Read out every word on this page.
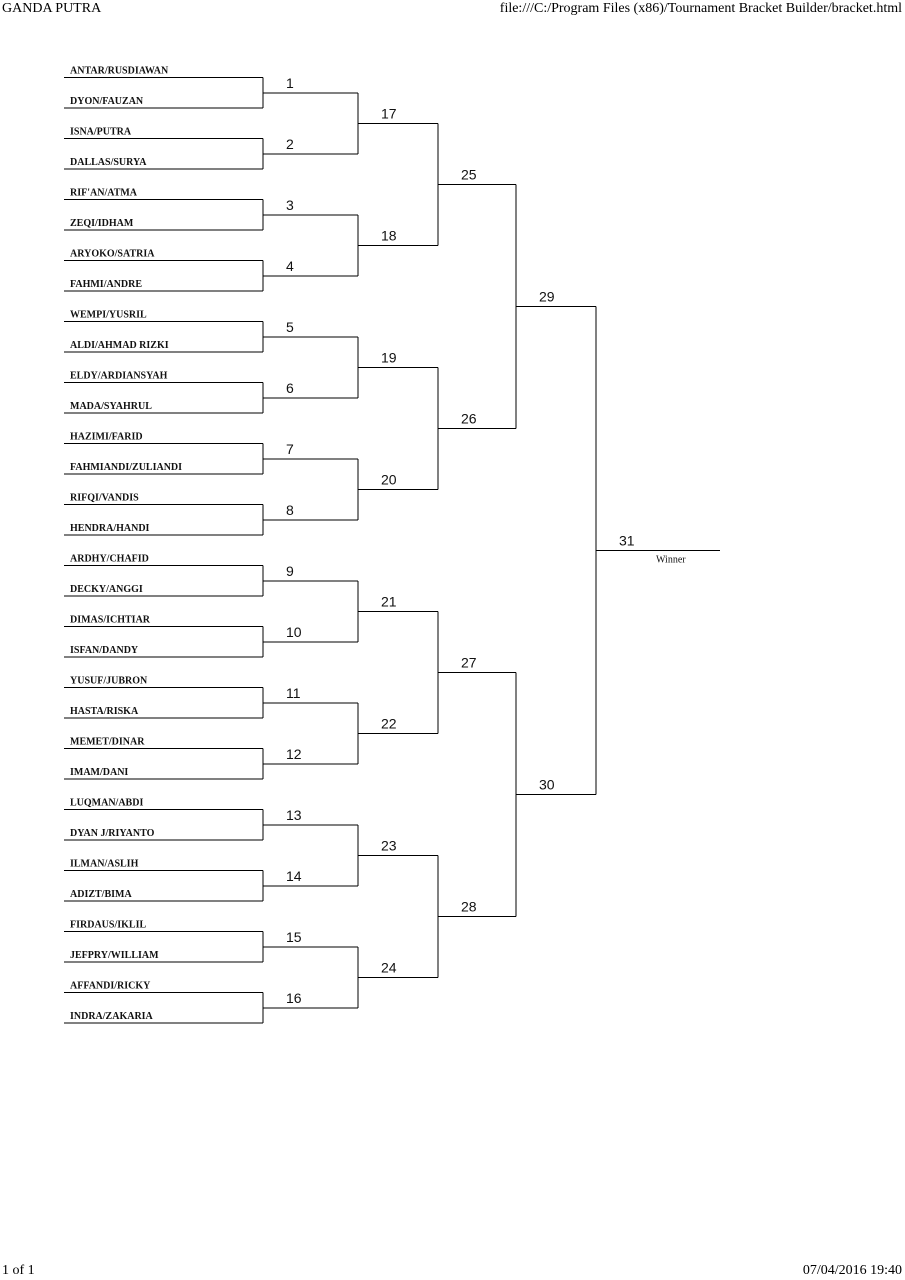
GANDA PUTRA	file:///C:/Program Files (x86)/Tournament Bracket Builder/bracket.html
ANTAR/RUSDIAWAN
DYON/FAUZAN
ISNA/PUTRA
DALLAS/SURYA
RIF'AN/ATMA
ZEQI/IDHAM
ARYOKO/SATRIA
FAHMI/ANDRE
WEMPI/YUSRIL
ALDI/AHMAD RIZKI
ELDY/ARDIANSYAH
MADA/SYAHRUL
HAZIMI/FARID
FAHMIANDI/ZULIANDI
RIFQI/VANDIS
HENDRA/HANDI
ARDHY/CHAFID
DECKY/ANGGI
DIMAS/ICHTIAR
ISFAN/DANDY
YUSUF/JUBRON
HASTA/RISKA
MEMET/DINAR
IMAM/DANI
LUQMAN/ABDI
DYAN J/RIYANTO
ILMAN/ASLIH
ADIZT/BIMA
FIRDAUS/IKLIL
JEFPRY/WILLIAM
AFFANDI/RICKY
INDRA/ZAKARIA
1
2
3
4
5
6
7
8
9
10
11
12
13
14
15
16
17
18
19
20
21
22
23
24
25
26
27
28
29
30
31
Winner
1 of 1	07/04/2016 19:40
